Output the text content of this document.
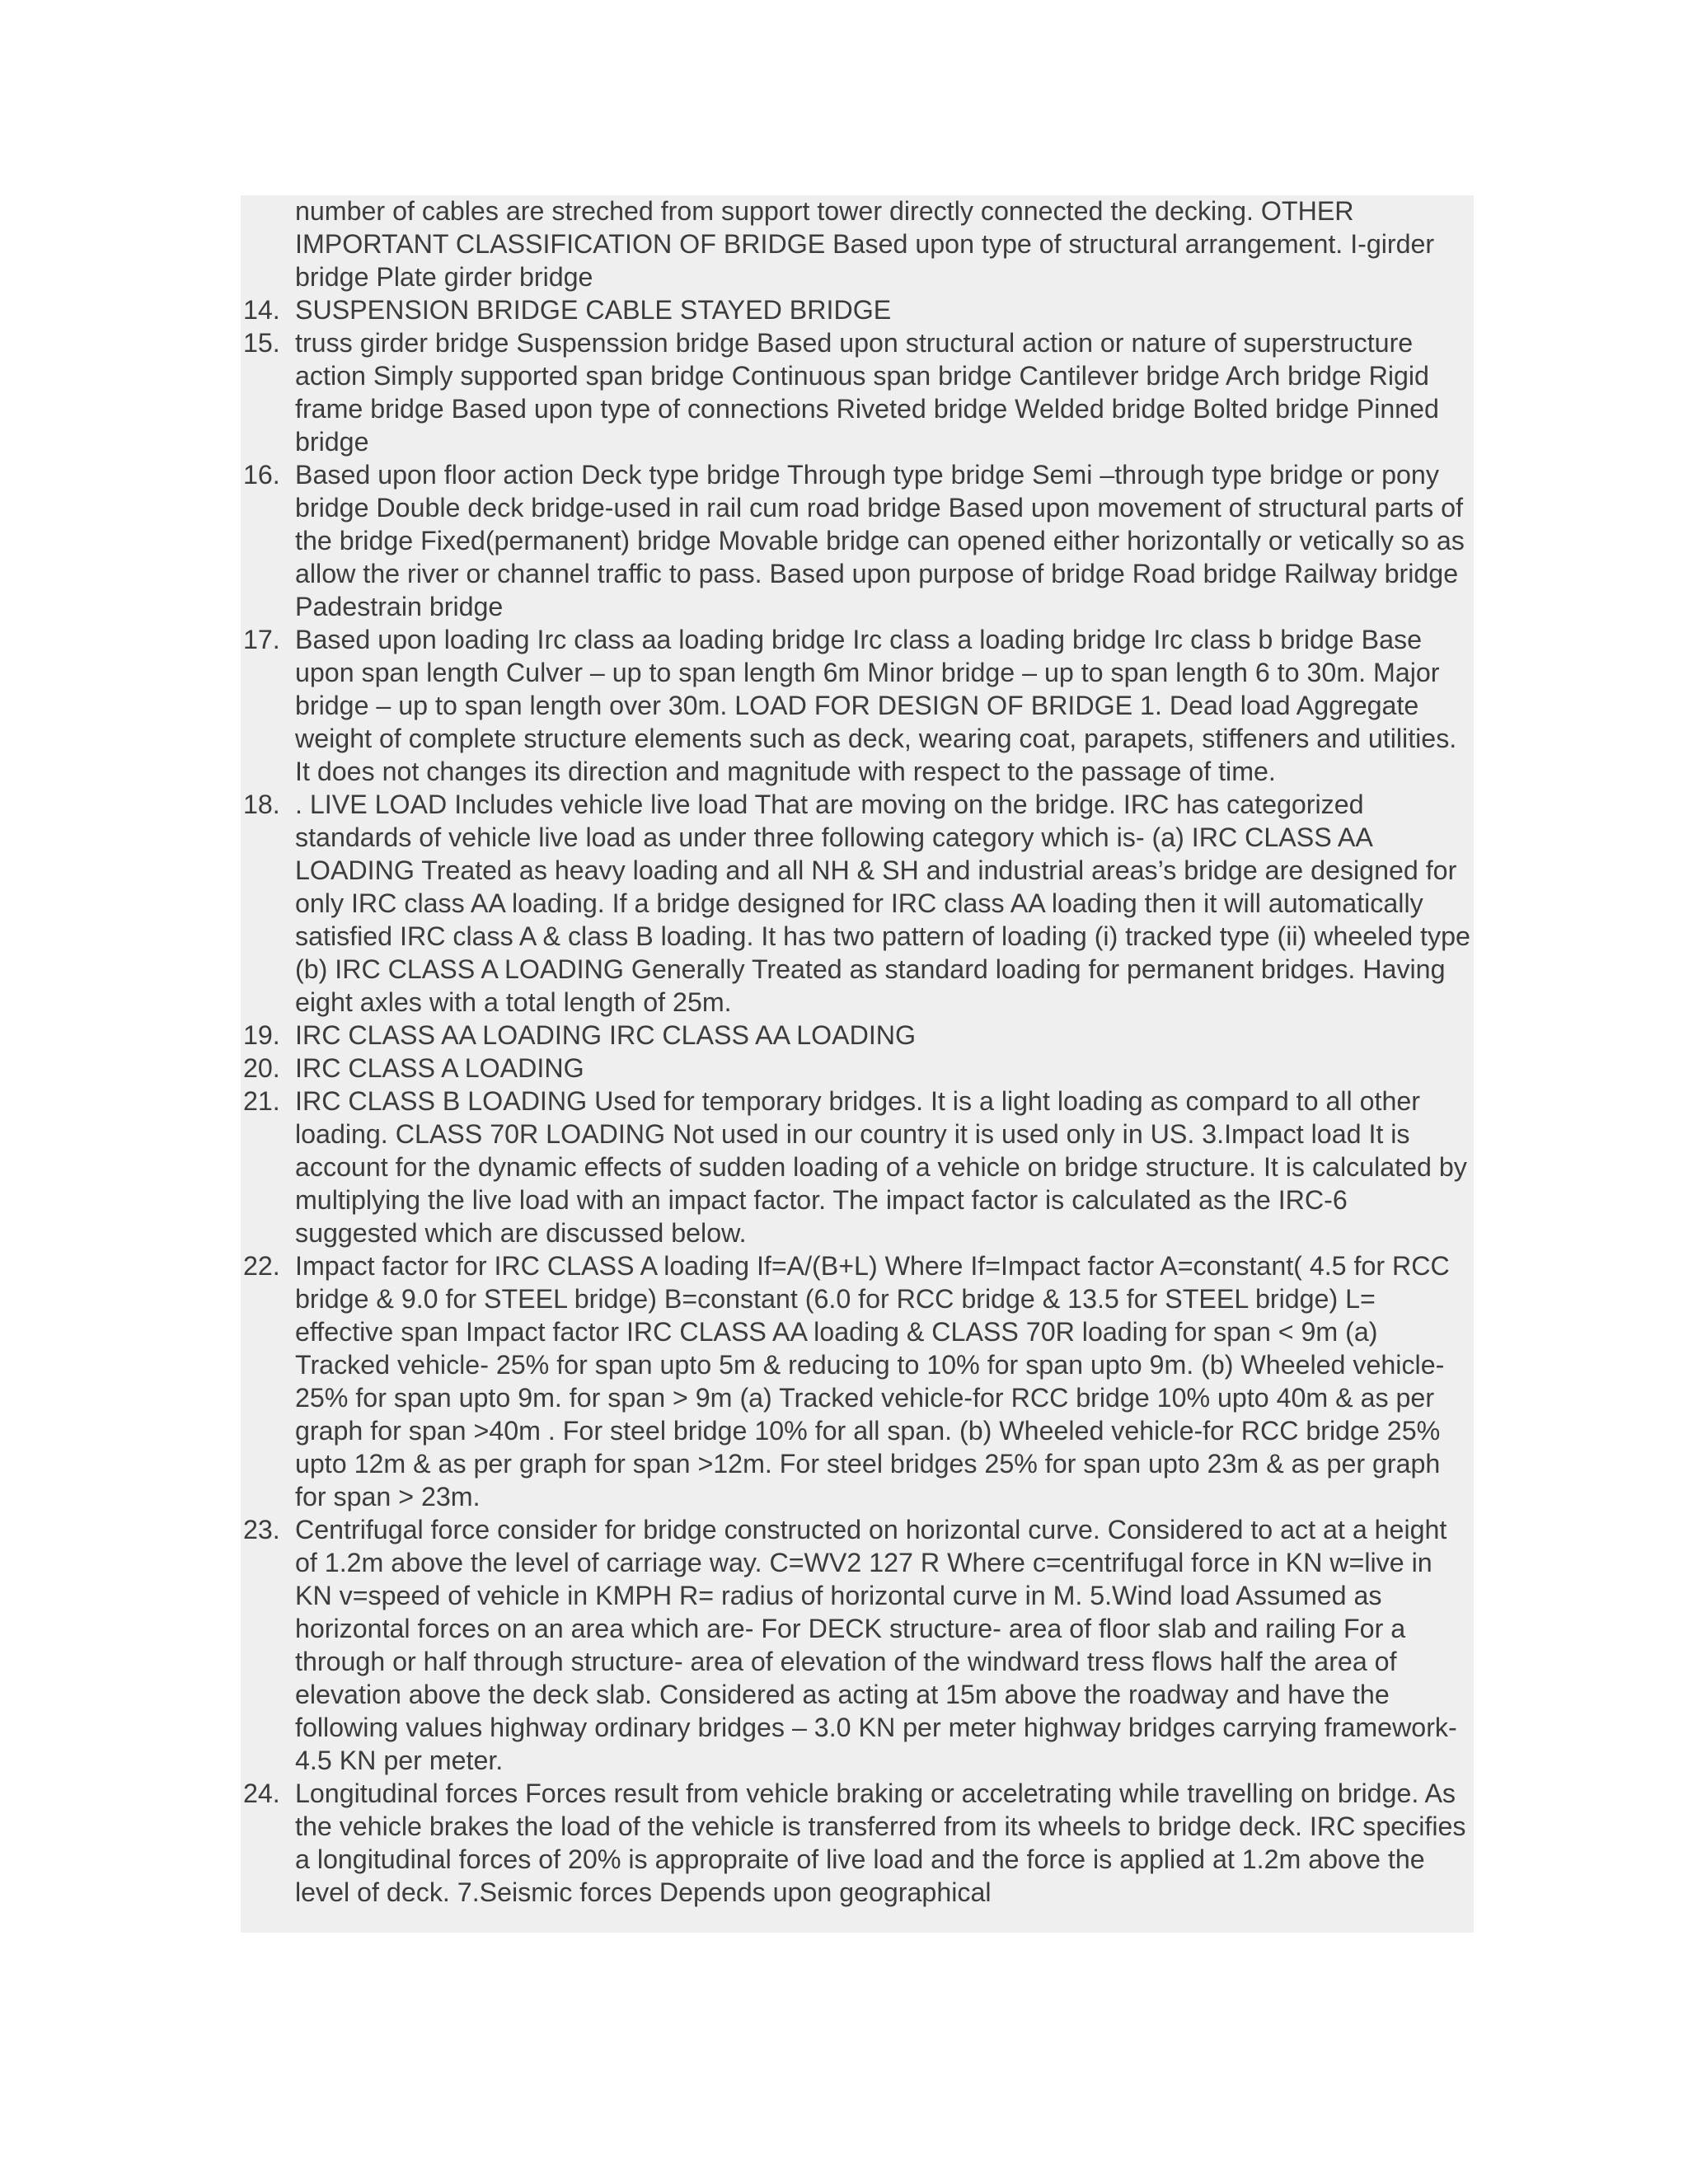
number of cables are streched from support tower directly connected the decking. OTHER IMPORTANT CLASSIFICATION OF BRIDGE Based upon type of structural arrangement. I-girder bridge Plate girder bridge

14. SUSPENSION BRIDGE CABLE STAYED BRIDGE
15. truss girder bridge Suspenssion bridge Based upon structural action or nature of superstructure action Simply supported span bridge Continuous span bridge Cantilever bridge Arch bridge Rigid frame bridge Based upon type of connections Riveted bridge Welded bridge Bolted bridge Pinned bridge
16. Based upon floor action Deck type bridge Through type bridge Semi –through type bridge or pony bridge Double deck bridge-used in rail cum road bridge Based upon movement of structural parts of the bridge Fixed(permanent) bridge Movable bridge can opened either horizontally or vetically so as allow the river or channel traffic to pass. Based upon purpose of bridge Road bridge Railway bridge Padestrain bridge
17. Based upon loading Irc class aa loading bridge Irc class a loading bridge Irc class b bridge Base upon span length Culver – up to span length 6m Minor bridge – up to span length 6 to 30m. Major bridge – up to span length over 30m. LOAD FOR DESIGN OF BRIDGE 1. Dead load Aggregate weight of complete structure elements such as deck, wearing coat, parapets, stiffeners and utilities. It does not changes its direction and magnitude with respect to the passage of time.
18. . LIVE LOAD Includes vehicle live load That are moving on the bridge. IRC has categorized standards of vehicle live load as under three following category which is- (a) IRC CLASS AA LOADING Treated as heavy loading and all NH & SH and industrial areas’s bridge are designed for only IRC class AA loading. If a bridge designed for IRC class AA loading then it will automatically satisfied IRC class A & class B loading. It has two pattern of loading (i) tracked type (ii) wheeled type (b) IRC CLASS A LOADING Generally Treated as standard loading for permanent bridges. Having eight axles with a total length of 25m.
19. IRC CLASS AA LOADING IRC CLASS AA LOADING
20. IRC CLASS A LOADING
21. IRC CLASS B LOADING Used for temporary bridges. It is a light loading as compard to all other loading. CLASS 70R LOADING Not used in our country it is used only in US. 3.Impact load It is account for the dynamic effects of sudden loading of a vehicle on bridge structure. It is calculated by multiplying the live load with an impact factor. The impact factor is calculated as the IRC-6 suggested which are discussed below.
22. Impact factor for IRC CLASS A loading If=A/(B+L) Where If=Impact factor A=constant( 4.5 for RCC bridge & 9.0 for STEEL bridge) B=constant (6.0 for RCC bridge & 13.5 for STEEL bridge) L= effective span Impact factor IRC CLASS AA loading & CLASS 70R loading for span < 9m (a) Tracked vehicle- 25% for span upto 5m & reducing to 10% for span upto 9m. (b) Wheeled vehicle-25% for span upto 9m. for span > 9m (a) Tracked vehicle-for RCC bridge 10% upto 40m & as per graph for span >40m . For steel bridge 10% for all span. (b) Wheeled vehicle-for RCC bridge 25% upto 12m & as per graph for span >12m. For steel bridges 25% for span upto 23m & as per graph for span > 23m.
23. Centrifugal force consider for bridge constructed on horizontal curve. Considered to act at a height of 1.2m above the level of carriage way. C=WV2 127 R Where c=centrifugal force in KN w=live in KN v=speed of vehicle in KMPH R= radius of horizontal curve in M. 5.Wind load Assumed as horizontal forces on an area which are- For DECK structure- area of floor slab and railing For a through or half through structure- area of elevation of the windward tress flows half the area of elevation above the deck slab. Considered as acting at 15m above the roadway and have the following values highway ordinary bridges – 3.0 KN per meter highway bridges carrying framework- 4.5 KN per meter.
24. Longitudinal forces Forces result from vehicle braking or acceletrating while travelling on bridge. As the vehicle brakes the load of the vehicle is transferred from its wheels to bridge deck. IRC specifies a longitudinal forces of 20% is appropraite of live load and the force is applied at 1.2m above the level of deck. 7.Seismic forces Depends upon geographical
